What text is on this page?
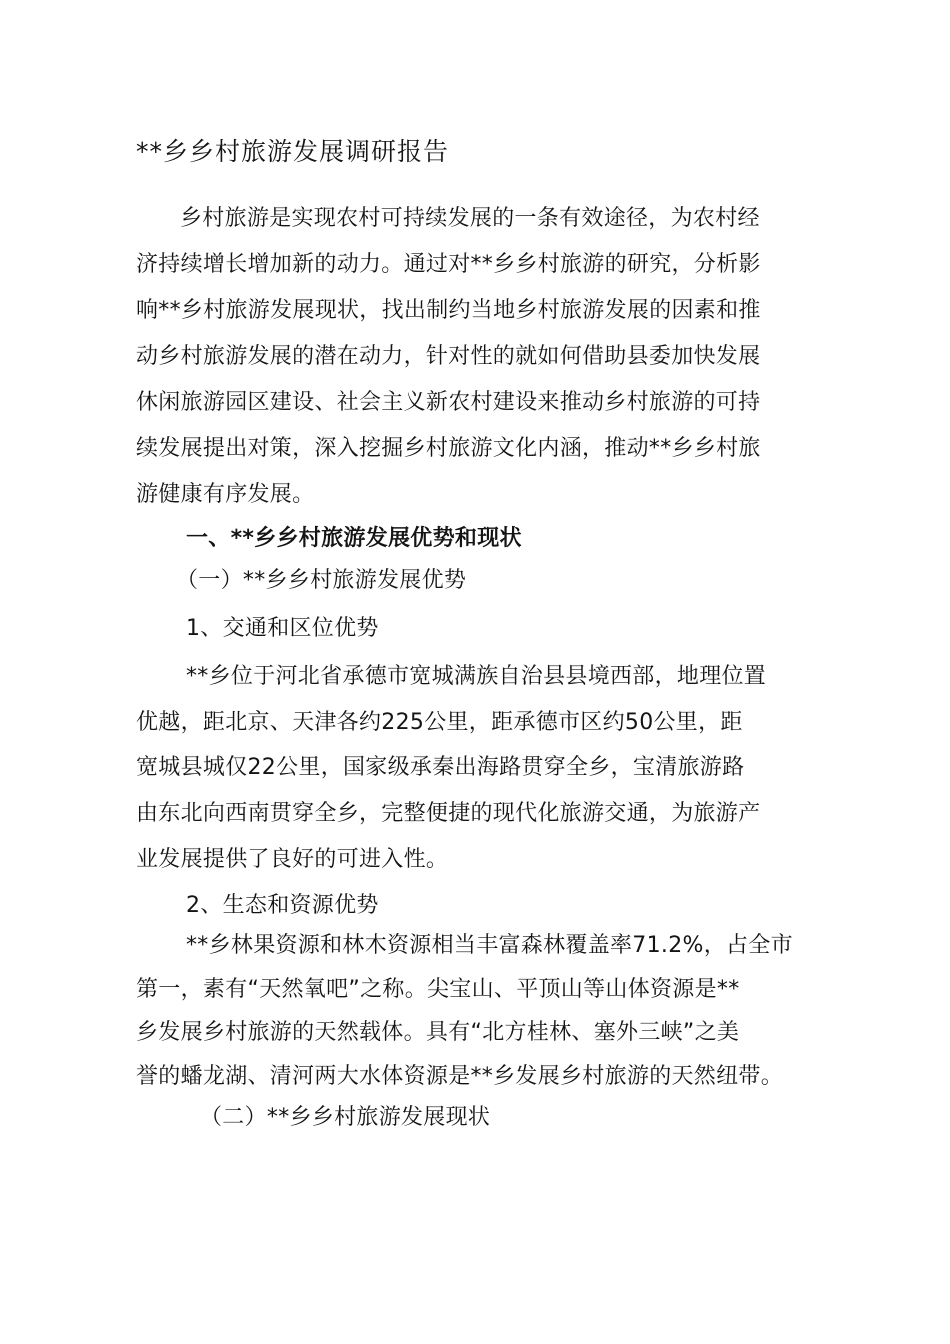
**乡乡村旅游发展调研报告
乡村旅游是实现农村可持续发展的一条有效途径，为农村经
济持续增长增加新的动力。通过对**乡乡村旅游的研究，分析影
响**乡村旅游发展现状，找出制约当地乡村旅游发展的因素和推
动乡村旅游发展的潜在动力，针对性的就如何借助县委加快发展
休闲旅游园区建设、社会主义新农村建设来推动乡村旅游的可持
续发展提出对策，深入挖掘乡村旅游文化内涵，推动**乡乡村旅
游健康有序发展。
一、**乡乡村旅游发展优势和现状
（一）**乡乡村旅游发展优势
1、交通和区位优势
**乡位于河北省承德市宽城满族自治县县境西部，地理位置
优越，距北京、天津各约225公里，距承德市区约50公里，距
宽城县城仅22公里，国家级承秦出海路贯穿全乡，宝清旅游路
由东北向西南贯穿全乡，完整便捷的现代化旅游交通，为旅游产
业发展提供了良好的可进入性。
2、生态和资源优势
**乡林果资源和林木资源相当丰富森林覆盖率71.2%，占全市
第一，素有“天然氧吧”之称。尖宝山、平顶山等山体资源是**
乡发展乡村旅游的天然载体。具有“北方桂林、塞外三峡”之美
誉的蟠龙湖、清河两大水体资源是**乡发展乡村旅游的天然纽带。
（二）**乡乡村旅游发展现状
